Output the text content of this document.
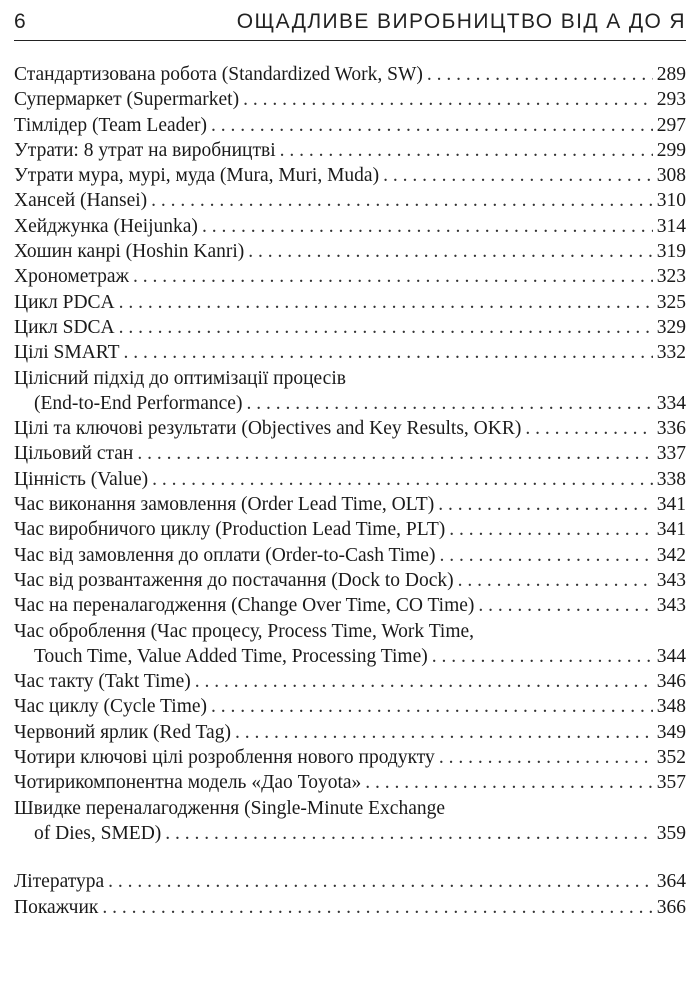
6	ОЩАДЛИВЕ ВИРОБНИЦТВО ВІД А ДО Я
Стандартизована робота (Standardized Work, SW) . . .	289
Супермаркет (Supermarket) . . .	293
Тімлідер (Team Leader) . . .	297
Утрати: 8 утрат на виробництві . . .	299
Утрати мура, мурі, муда (Mura, Muri, Muda) . . .	308
Хансей (Hansei) . . .	310
Хейджунка (Heijunka) . . .	314
Хошин канрі (Hoshin Kanri) . . .	319
Хронометраж . . .	323
Цикл PDCA . . .	325
Цикл SDCA . . .	329
Цілі SMART . . .	332
Цілісний підхід до оптимізації процесів
(End-to-End Performance) . . .	334
Цілі та ключові результати (Objectives and Key Results, OKR) . . .	336
Цільовий стан . . .	337
Цінність (Value) . . .	338
Час виконання замовлення (Order Lead Time, OLT) . . .	341
Час виробничого циклу (Production Lead Time, PLT) . . .	341
Час від замовлення до оплати (Order-to-Cash Time) . . .	342
Час від розвантаження до постачання (Dock to Dock) . . .	343
Час на переналагодження (Change Over Time, CO Time) . . .	343
Час оброблення (Час процесу, Process Time, Work Time,
Touch Time, Value Added Time, Processing Time) . . .	344
Час такту (Takt Time) . . .	346
Час циклу (Cycle Time) . . .	348
Червоний ярлик (Red Tag) . . .	349
Чотири ключові цілі розроблення нового продукту . . .	352
Чотирикомпонентна модель «Дао Toyota» . . .	357
Швидке переналагодження (Single-Minute Exchange
of Dies, SMED) . . .	359
Література . . .	364
Покажчик . . .	366
